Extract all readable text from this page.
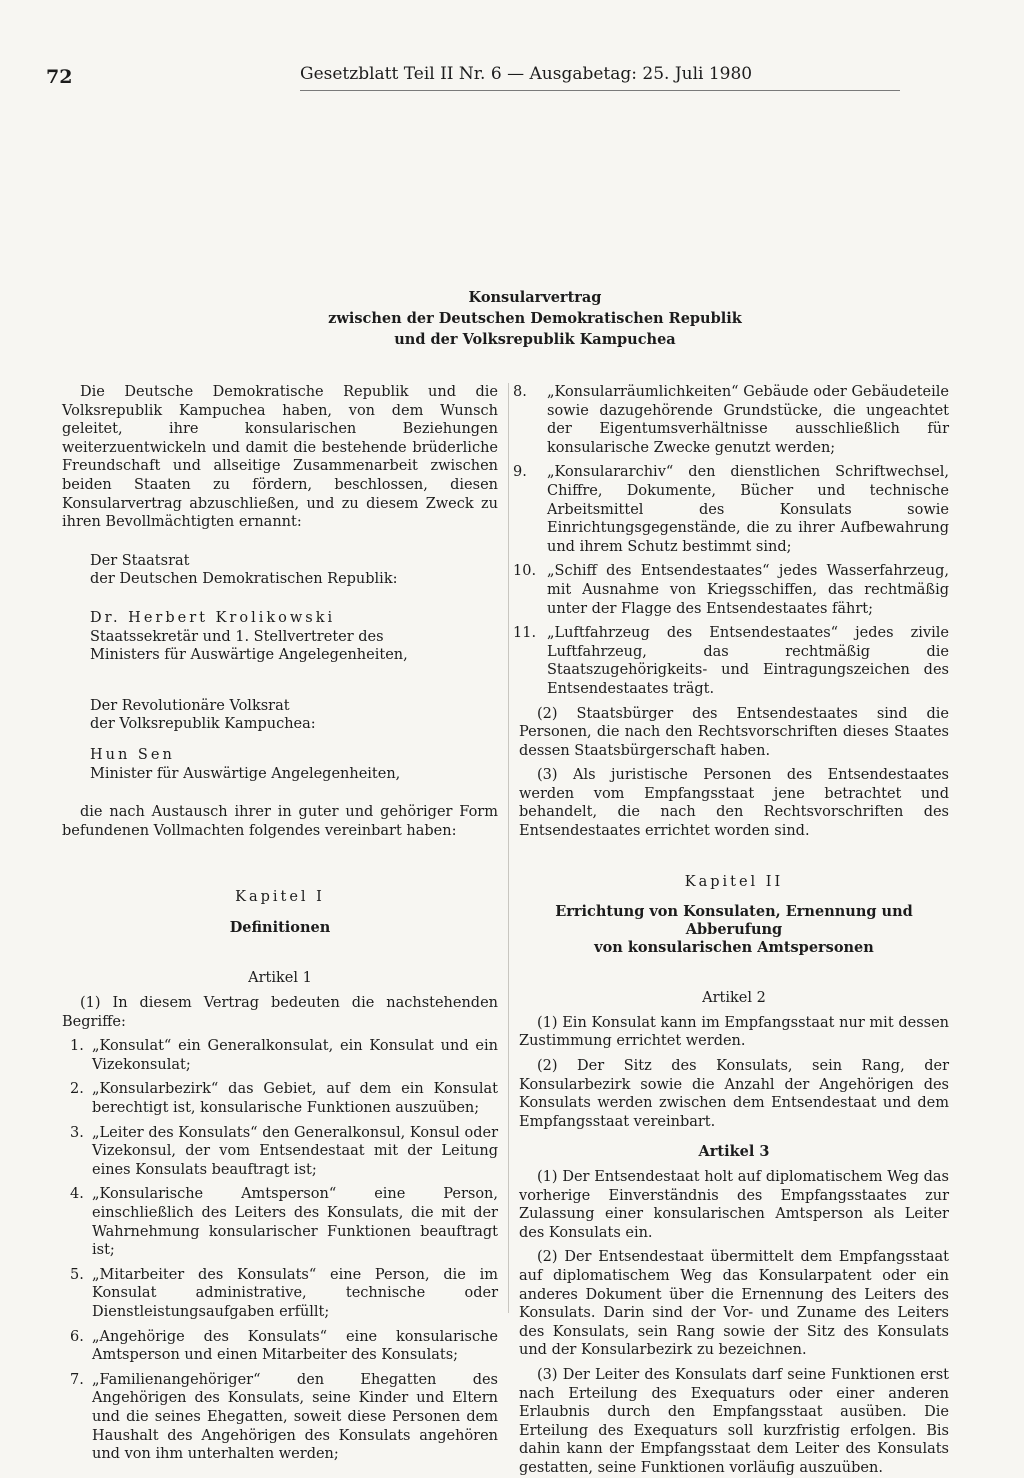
72	Gesetzblatt Teil II Nr. 6 — Ausgabetag: 25. Juli 1980
Konsularvertrag
zwischen der Deutschen Demokratischen Republik
und der Volksrepublik Kampuchea

Die Deutsche Demokratische Republik und die Volksrepublik Kampuchea haben, von dem Wunsch geleitet, ihre konsularischen Beziehungen weiterzuentwickeln und damit die bestehende brüderliche Freundschaft und allseitige Zusammenarbeit zwischen beiden Staaten zu fördern, beschlossen, diesen Konsularvertrag abzuschließen, und zu diesem Zweck zu ihren Bevollmächtigten ernannt:

Der Staatsrat

der Deutschen Demokratischen Republik:

Dr. Herbert Krolikowski

Staatssekretär und 1. Stellvertreter des

Ministers für Auswärtige Angelegenheiten,

Der Revolutionäre Volksrat

der Volksrepublik Kampuchea:

Hun Sen

Minister für Auswärtige Angelegenheiten,

die nach Austausch ihrer in guter und gehöriger Form befundenen Vollmachten folgendes vereinbart haben:

Kapitel I

Definitionen

Artikel 1

(1) In diesem Vertrag bedeuten die nachstehenden Begriffe:

1. „Konsulat“ ein Generalkonsulat, ein Konsulat und ein Vizekonsulat;

2. „Konsularbezirk“ das Gebiet, auf dem ein Konsulat berechtigt ist, konsularische Funktionen auszuüben;

3. „Leiter des Konsulats“ den Generalkonsul, Konsul oder Vizekonsul, der vom Entsendestaat mit der Leitung eines Konsulats beauftragt ist;

4. „Konsularische Amtsperson“ eine Person, einschließlich des Leiters des Konsulats, die mit der Wahrnehmung konsularischer Funktionen beauftragt ist;

5. „Mitarbeiter des Konsulats“ eine Person, die im Konsulat administrative, technische oder Dienstleistungsaufgaben erfüllt;

6. „Angehörige des Konsulats“ eine konsularische Amtsperson und einen Mitarbeiter des Konsulats;

7. „Familienangehöriger“ den Ehegatten des Angehörigen des Konsulats, seine Kinder und Eltern und die seines Ehegatten, soweit diese Personen dem Haushalt des Angehörigen des Konsulats angehören und von ihm unterhalten werden;

8. „Konsularräumlichkeiten“ Gebäude oder Gebäudeteile sowie dazugehörende Grundstücke, die ungeachtet der Eigentumsverhältnisse ausschließlich für konsularische Zwecke genutzt werden;

9. „Konsulararchiv“ den dienstlichen Schriftwechsel, Chiffre, Dokumente, Bücher und technische Arbeitsmittel des Konsulats sowie Einrichtungsgegenstände, die zu ihrer Aufbewahrung und ihrem Schutz bestimmt sind;

10. „Schiff des Entsendestaates“ jedes Wasserfahrzeug, mit Ausnahme von Kriegsschiffen, das rechtmäßig unter der Flagge des Entsendestaates fährt;

11. „Luftfahrzeug des Entsendestaates“ jedes zivile Luftfahrzeug, das rechtmäßig die Staatszugehörigkeits- und Eintragungszeichen des Entsendestaates trägt.

(2) Staatsbürger des Entsendestaates sind die Personen, die nach den Rechtsvorschriften dieses Staates dessen Staatsbürgerschaft haben.

(3) Als juristische Personen des Entsendestaates werden vom Empfangsstaat jene betrachtet und behandelt, die nach den Rechtsvorschriften des Entsendestaates errichtet worden sind.

Kapitel II

Errichtung von Konsulaten, Ernennung und Abberufung
von konsularischen Amtspersonen

Artikel 2

(1) Ein Konsulat kann im Empfangsstaat nur mit dessen Zustimmung errichtet werden.

(2) Der Sitz des Konsulats, sein Rang, der Konsularbezirk sowie die Anzahl der Angehörigen des Konsulats werden zwischen dem Entsendestaat und dem Empfangsstaat vereinbart.

Artikel 3

(1) Der Entsendestaat holt auf diplomatischem Weg das vorherige Einverständnis des Empfangsstaates zur Zulassung einer konsularischen Amtsperson als Leiter des Konsulats ein.

(2) Der Entsendestaat übermittelt dem Empfangsstaat auf diplomatischem Weg das Konsularpatent oder ein anderes Dokument über die Ernennung des Leiters des Konsulats. Darin sind der Vor- und Zuname des Leiters des Konsulats, sein Rang sowie der Sitz des Konsulats und der Konsularbezirk zu bezeichnen.

(3) Der Leiter des Konsulats darf seine Funktionen erst nach Erteilung des Exequaturs oder einer anderen Erlaubnis durch den Empfangsstaat ausüben. Die Erteilung des Exequaturs soll kurzfristig erfolgen. Bis dahin kann der Empfangsstaat dem Leiter des Konsulats gestatten, seine Funktionen vorläufig auszuüben.
